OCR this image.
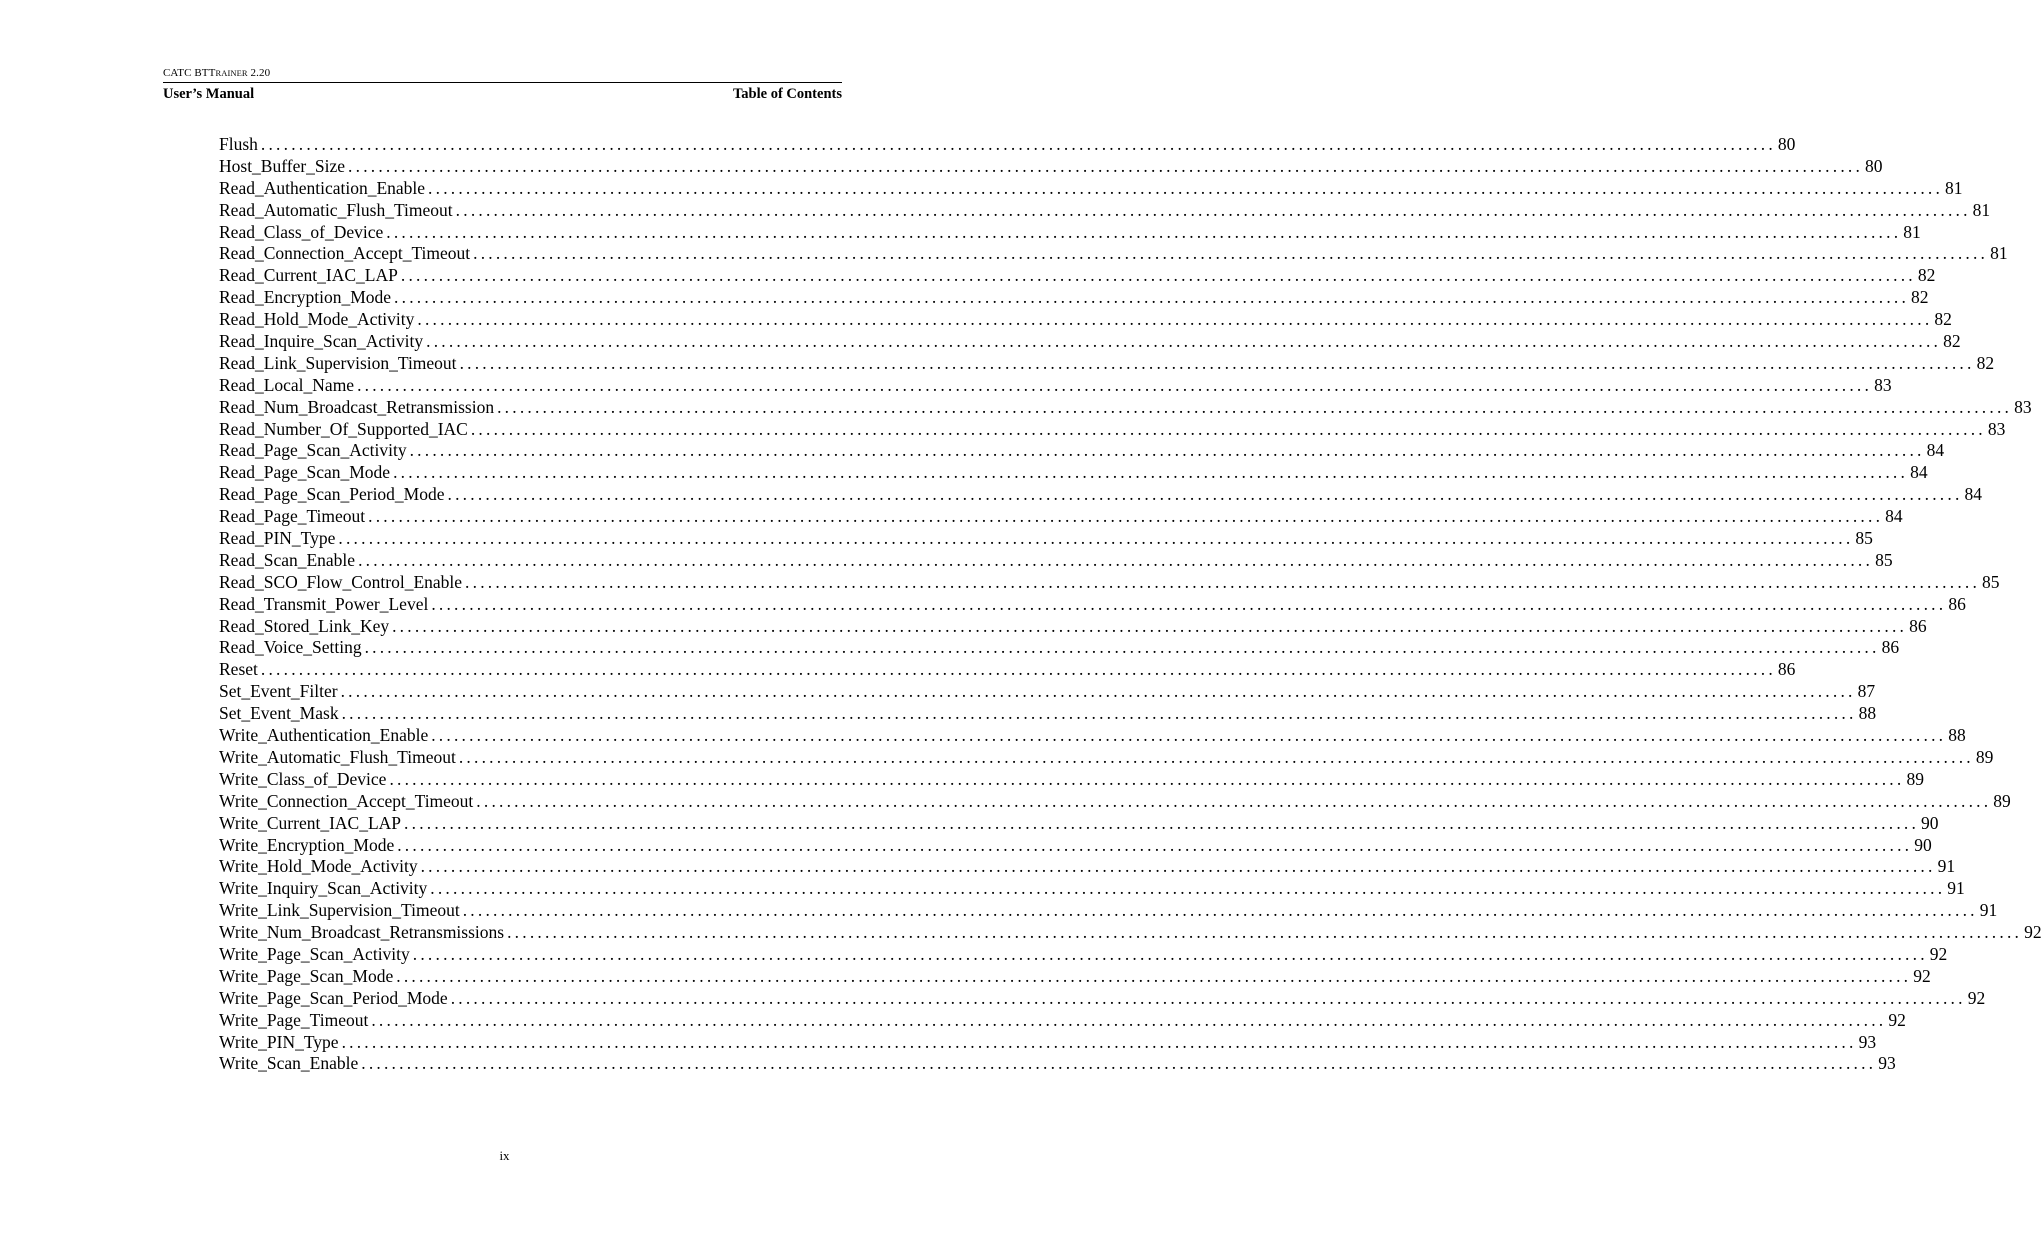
CATC BTTRAINER 2.20
User’s Manual	Table of Contents
Flush ........................................................................................................................................................................................................ 80
Host_Buffer_Size ........................................................................................................................................................................................................ 80
Read_Authentication_Enable ........................................................................................................................................................................................................ 81
Read_Automatic_Flush_Timeout ........................................................................................................................................................................................................ 81
Read_Class_of_Device ........................................................................................................................................................................................................ 81
Read_Connection_Accept_Timeout ........................................................................................................................................................................................................ 81
Read_Current_IAC_LAP ........................................................................................................................................................................................................ 82
Read_Encryption_Mode ........................................................................................................................................................................................................ 82
Read_Hold_Mode_Activity ........................................................................................................................................................................................................ 82
Read_Inquire_Scan_Activity ........................................................................................................................................................................................................ 82
Read_Link_Supervision_Timeout ........................................................................................................................................................................................................ 82
Read_Local_Name ........................................................................................................................................................................................................ 83
Read_Num_Broadcast_Retransmission ........................................................................................................................................................................................................ 83
Read_Number_Of_Supported_IAC ........................................................................................................................................................................................................ 83
Read_Page_Scan_Activity ........................................................................................................................................................................................................ 84
Read_Page_Scan_Mode ........................................................................................................................................................................................................ 84
Read_Page_Scan_Period_Mode ........................................................................................................................................................................................................ 84
Read_Page_Timeout ........................................................................................................................................................................................................ 84
Read_PIN_Type ........................................................................................................................................................................................................ 85
Read_Scan_Enable ........................................................................................................................................................................................................ 85
Read_SCO_Flow_Control_Enable ........................................................................................................................................................................................................ 85
Read_Transmit_Power_Level ........................................................................................................................................................................................................ 86
Read_Stored_Link_Key ........................................................................................................................................................................................................ 86
Read_Voice_Setting ........................................................................................................................................................................................................ 86
Reset ........................................................................................................................................................................................................ 86
Set_Event_Filter ........................................................................................................................................................................................................ 87
Set_Event_Mask ........................................................................................................................................................................................................ 88
Write_Authentication_Enable ........................................................................................................................................................................................................ 88
Write_Automatic_Flush_Timeout ........................................................................................................................................................................................................ 89
Write_Class_of_Device ........................................................................................................................................................................................................ 89
Write_Connection_Accept_Timeout ........................................................................................................................................................................................................ 89
Write_Current_IAC_LAP ........................................................................................................................................................................................................ 90
Write_Encryption_Mode ........................................................................................................................................................................................................ 90
Write_Hold_Mode_Activity ........................................................................................................................................................................................................ 91
Write_Inquiry_Scan_Activity ........................................................................................................................................................................................................ 91
Write_Link_Supervision_Timeout ........................................................................................................................................................................................................ 91
Write_Num_Broadcast_Retransmissions ........................................................................................................................................................................................................ 92
Write_Page_Scan_Activity ........................................................................................................................................................................................................ 92
Write_Page_Scan_Mode ........................................................................................................................................................................................................ 92
Write_Page_Scan_Period_Mode ........................................................................................................................................................................................................ 92
Write_Page_Timeout ........................................................................................................................................................................................................ 92
Write_PIN_Type ........................................................................................................................................................................................................ 93
Write_Scan_Enable ........................................................................................................................................................................................................ 93
ix
